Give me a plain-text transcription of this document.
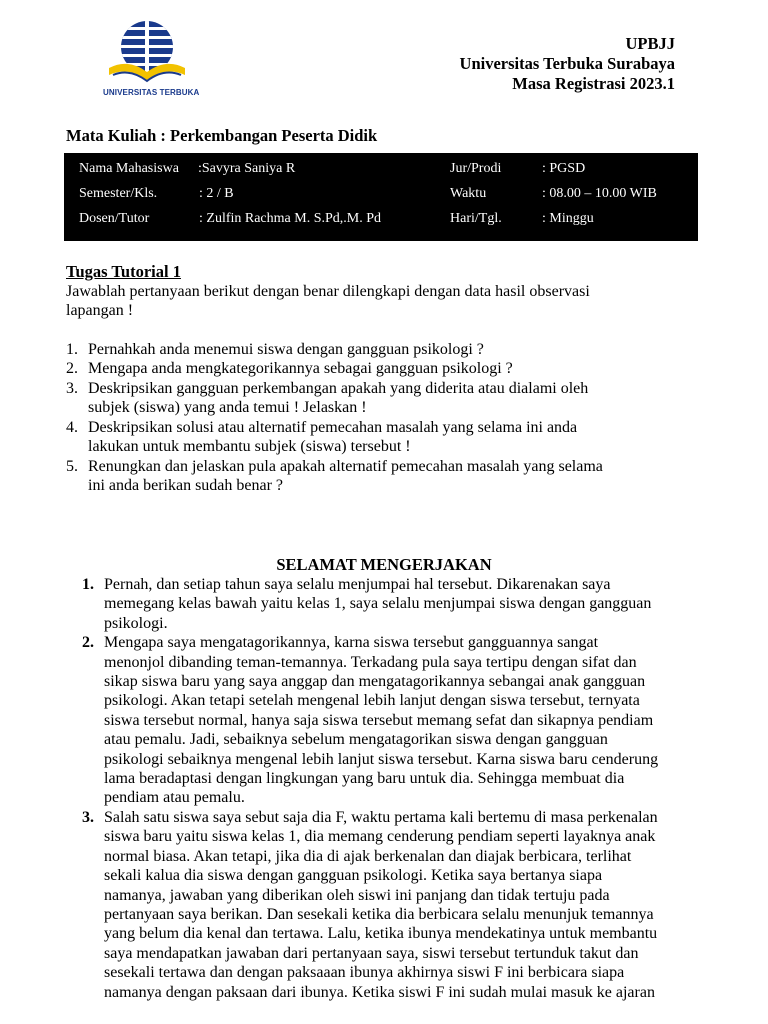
UNIVERSITAS TERBUKA
UPBJJ
Universitas Terbuka Surabaya
Masa Registrasi 2023.1
Mata Kuliah : Perkembangan Peserta Didik
Nama Mahasiswa :Savyra Saniya R	Jur/Prodi	: PGSD
Semester/Kls.	: 2 / B	Waktu	: 08.00 – 10.00 WIB
Dosen/Tutor	: Zulfin Rachma M. S.Pd,.M. Pd	Hari/Tgl.	: Minggu
Tugas Tutorial 1
Jawablah pertanyaan berikut dengan benar dilengkapi dengan data hasil observasi
lapangan !
1. Pernahkah anda menemui siswa dengan gangguan psikologi ?
2. Mengapa anda mengkategorikannya sebagai gangguan psikologi ?
3. Deskripsikan gangguan perkembangan apakah yang diderita atau dialami oleh
subjek (siswa) yang anda temui ! Jelaskan !
4. Deskripsikan solusi atau alternatif pemecahan masalah yang selama ini anda
lakukan untuk membantu subjek (siswa) tersebut !
5. Renungkan dan jelaskan pula apakah alternatif pemecahan masalah yang selama
ini anda berikan sudah benar ?
SELAMAT MENGERJAKAN
1. Pernah, dan setiap tahun saya selalu menjumpai hal tersebut. Dikarenakan saya
memegang kelas bawah yaitu kelas 1, saya selalu menjumpai siswa dengan gangguan
psikologi.
2. Mengapa saya mengatagorikannya, karna siswa tersebut gangguannya sangat
menonjol dibanding teman-temannya. Terkadang pula saya tertipu dengan sifat dan
sikap siswa baru yang saya anggap dan mengatagorikannya sebangai anak gangguan
psikologi. Akan tetapi setelah mengenal lebih lanjut dengan siswa tersebut, ternyata
siswa tersebut normal, hanya saja siswa tersebut memang sefat dan sikapnya pendiam
atau pemalu. Jadi, sebaiknya sebelum mengatagorikan siswa dengan gangguan
psikologi sebaiknya mengenal lebih lanjut siswa tersebut. Karna siswa baru cenderung
lama beradaptasi dengan lingkungan yang baru untuk dia. Sehingga membuat dia
pendiam atau pemalu.
3. Salah satu siswa saya sebut saja dia F, waktu pertama kali bertemu di masa perkenalan
siswa baru yaitu siswa kelas 1, dia memang cenderung pendiam seperti layaknya anak
normal biasa. Akan tetapi, jika dia di ajak berkenalan dan diajak berbicara, terlihat
sekali kalua dia siswa dengan gangguan psikologi. Ketika saya bertanya siapa
namanya, jawaban yang diberikan oleh siswi ini panjang dan tidak tertuju pada
pertanyaan saya berikan. Dan sesekali ketika dia berbicara selalu menunjuk temannya
yang belum dia kenal dan tertawa. Lalu, ketika ibunya mendekatinya untuk membantu
saya mendapatkan jawaban dari pertanyaan saya, siswi tersebut tertunduk takut dan
sesekali tertawa dan dengan paksaaan ibunya akhirnya siswi F ini berbicara siapa
namanya dengan paksaan dari ibunya. Ketika siswi F ini sudah mulai masuk ke ajaran
